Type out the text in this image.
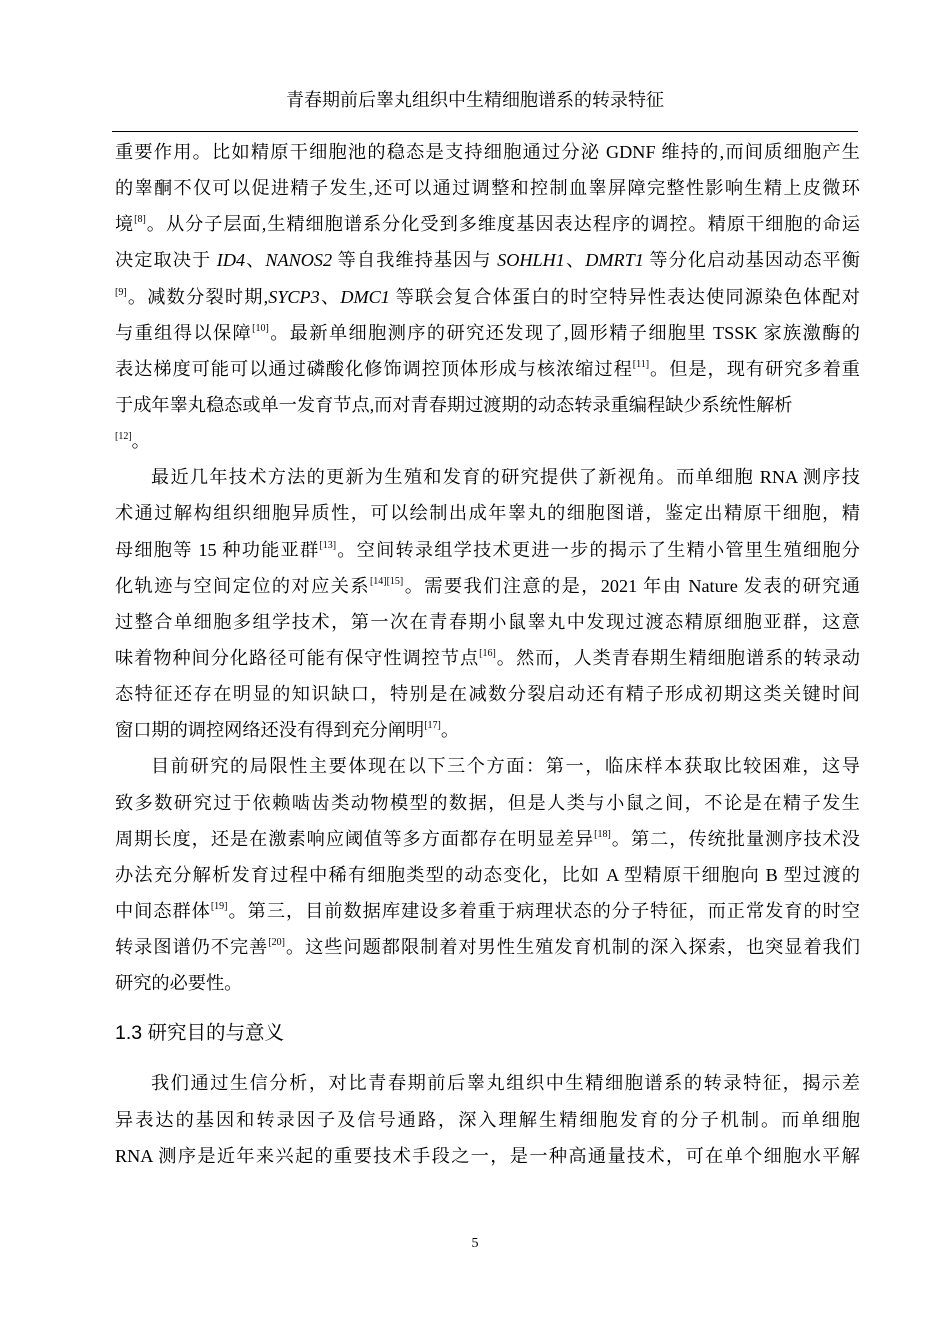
青春期前后睾丸组织中生精细胞谱系的转录特征
重要作用。比如精原干细胞池的稳态是支持细胞通过分泌 GDNF 维持的,而间质细胞产生
的睾酮不仅可以促进精子发生,还可以通过调整和控制血睾屏障完整性影响生精上皮微环
境[8]。从分子层面,生精细胞谱系分化受到多维度基因表达程序的调控。精原干细胞的命运
决定取决于 ID4、NANOS2 等自我维持基因与 SOHLH1、DMRT1 等分化启动基因动态平衡
[9]。减数分裂时期,SYCP3、DMC1 等联会复合体蛋白的时空特异性表达使同源染色体配对
与重组得以保障[10]。最新单细胞测序的研究还发现了,圆形精子细胞里 TSSK 家族激酶的
表达梯度可能可以通过磷酸化修饰调控顶体形成与核浓缩过程[11]。但是，现有研究多着重
于成年睾丸稳态或单一发育节点,而对青春期过渡期的动态转录重编程缺少系统性解析
[12]。
最近几年技术方法的更新为生殖和发育的研究提供了新视角。而单细胞 RNA 测序技
术通过解构组织细胞异质性，可以绘制出成年睾丸的细胞图谱，鉴定出精原干细胞，精
母细胞等 15 种功能亚群[13]。空间转录组学技术更进一步的揭示了生精小管里生殖细胞分
化轨迹与空间定位的对应关系[14][15]。需要我们注意的是，2021 年由 Nature 发表的研究通
过整合单细胞多组学技术，第一次在青春期小鼠睾丸中发现过渡态精原细胞亚群，这意
味着物种间分化路径可能有保守性调控节点[16]。然而，人类青春期生精细胞谱系的转录动
态特征还存在明显的知识缺口，特别是在减数分裂启动还有精子形成初期这类关键时间
窗口期的调控网络还没有得到充分阐明[17]。
目前研究的局限性主要体现在以下三个方面：第一，临床样本获取比较困难，这导
致多数研究过于依赖啮齿类动物模型的数据，但是人类与小鼠之间，不论是在精子发生
周期长度，还是在激素响应阈值等多方面都存在明显差异[18]。第二，传统批量测序技术没
办法充分解析发育过程中稀有细胞类型的动态变化，比如 A 型精原干细胞向 B 型过渡的
中间态群体[19]。第三，目前数据库建设多着重于病理状态的分子特征，而正常发育的时空
转录图谱仍不完善[20]。这些问题都限制着对男性生殖发育机制的深入探索，也突显着我们
研究的必要性。
1.3 研究目的与意义
我们通过生信分析，对比青春期前后睾丸组织中生精细胞谱系的转录特征，揭示差
异表达的基因和转录因子及信号通路，深入理解生精细胞发育的分子机制。而单细胞
RNA 测序是近年来兴起的重要技术手段之一，是一种高通量技术，可在单个细胞水平解
5
